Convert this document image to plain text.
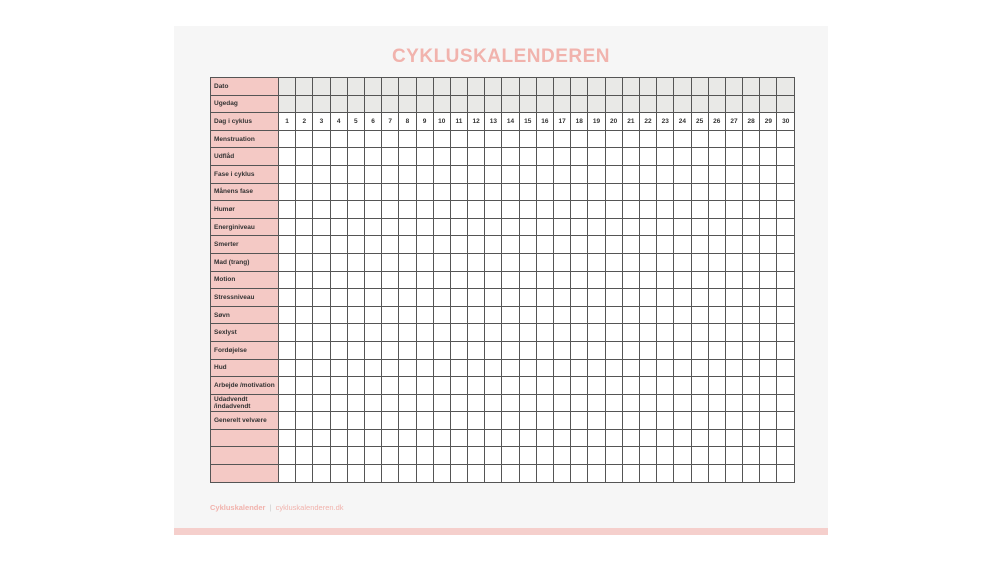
CYKLUSKALENDEREN
Dato																														
Ugedag																														
Dag i cyklus	1	2	3	4	5	6	7	8	9	10	11	12	13	14	15	16	17	18	19	20	21	22	23	24	25	26	27	28	29	30
Menstruation																														
Udflåd																														
Fase i cyklus																														
Månens fase																														
Humør																														
Energiniveau																														
Smerter																														
Mad (trang)																														
Motion																														
Stressniveau																														
Søvn																														
Sexlyst																														
Fordøjelse																														
Hud																														
Arbejde /motivation																														
Udadvendt /indadvendt																														
Generelt velvære																														

Cykluskalender | cykluskalenderen.dk
